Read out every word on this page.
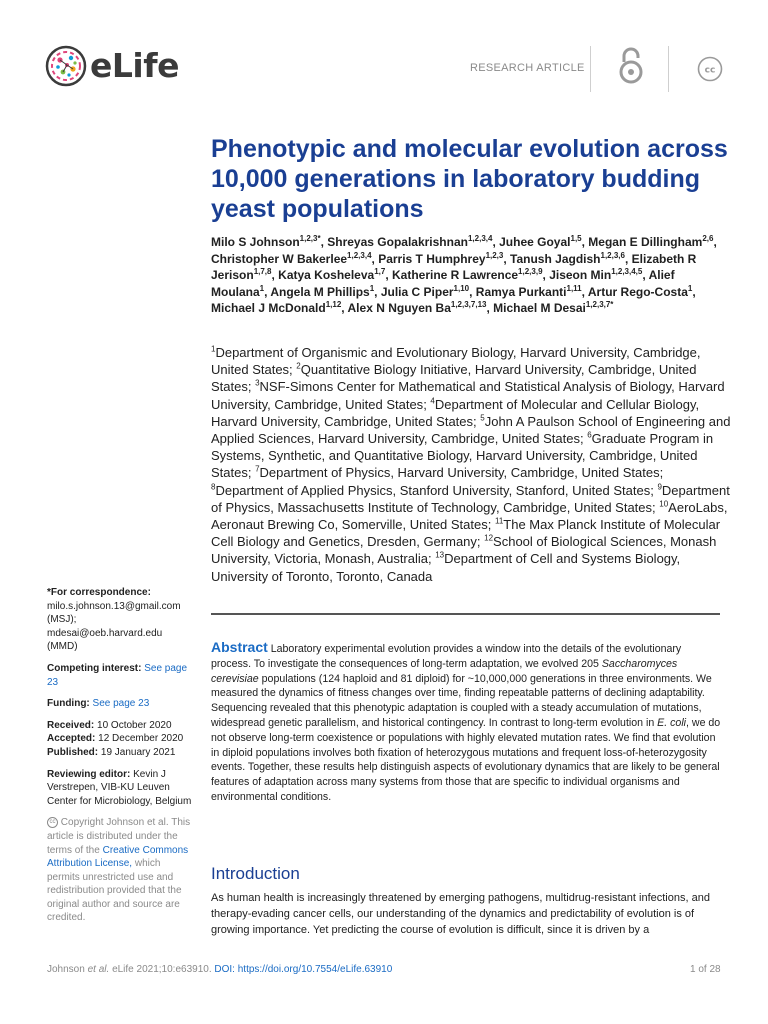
eLife	RESEARCH ARTICLE	cc
Phenotypic and molecular evolution across 10,000 generations in laboratory budding yeast populations
Milo S Johnson$^{1,2,3*}$, Shreyas Gopalakrishnan$^{1,2,3,4}$, Juhee Goyal$^{1,5}$, Megan E Dillingham$^{2,6}$, Christopher W Bakerlee$^{1,2,3,4}$, Parris T Humphrey$^{1,2,3}$, Tanush Jagdish$^{1,2,3,6}$, Elizabeth R Jerison$^{1,7,8}$, Katya Kosheleva$^{1,7}$, Katherine R Lawrence$^{1,2,3,9}$, Jiseon Min$^{1,2,3,4,5}$, Alief Moulana$^1$, Angela M Phillips$^1$, Julia C Piper$^{1,10}$, Ramya Purkanti$^{1,11}$, Artur Rego-Costa$^1$, Michael J McDonald$^{1,12}$, Alex N Nguyen Ba$^{1,2,3,7,13}$, Michael M Desai$^{1,2,3,7*}$
$^1$Department of Organismic and Evolutionary Biology, Harvard University, Cambridge, United States; $^2$Quantitative Biology Initiative, Harvard University, Cambridge, United States; $^3$NSF-Simons Center for Mathematical and Statistical Analysis of Biology, Harvard University, Cambridge, United States; $^4$Department of Molecular and Cellular Biology, Harvard University, Cambridge, United States; $^5$John A Paulson School of Engineering and Applied Sciences, Harvard University, Cambridge, United States; $^6$Graduate Program in Systems, Synthetic, and Quantitative Biology, Harvard University, Cambridge, United States; $^7$Department of Physics, Harvard University, Cambridge, United States; $^8$Department of Applied Physics, Stanford University, Stanford, United States; $^9$Department of Physics, Massachusetts Institute of Technology, Cambridge, United States; $^{10}$AeroLabs, Aeronaut Brewing Co, Somerville, United States; $^{11}$The Max Planck Institute of Molecular Cell Biology and Genetics, Dresden, Germany; $^{12}$School of Biological Sciences, Monash University, Victoria, Monash, Australia; $^{13}$Department of Cell and Systems Biology, University of Toronto, Toronto, Canada
*For correspondence:
milo.s.johnson.13@gmail.com
(MSJ);
mdesai@oeb.harvard.edu (MMD)
Competing interest: See page 23
Funding: See page 23
Received: 10 October 2020
Accepted: 12 December 2020
Published: 19 January 2021
Reviewing editor: Kevin J Verstrepen, VIB-KU Leuven Center for Microbiology, Belgium
cc Copyright Johnson et al. This article is distributed under the terms of the Creative Commons Attribution License, which permits unrestricted use and redistribution provided that the original author and source are credited.
Abstract Laboratory experimental evolution provides a window into the details of the evolutionary process. To investigate the consequences of long-term adaptation, we evolved 205 Saccharomyces cerevisiae populations (124 haploid and 81 diploid) for ~10,000,000 generations in three environments. We measured the dynamics of fitness changes over time, finding repeatable patterns of declining adaptability. Sequencing revealed that this phenotypic adaptation is coupled with a steady accumulation of mutations, widespread genetic parallelism, and historical contingency. In contrast to long-term evolution in E. coli, we do not observe long-term coexistence or populations with highly elevated mutation rates. We find that evolution in diploid populations involves both fixation of heterozygous mutations and frequent loss-of-heterozygosity events. Together, these results help distinguish aspects of evolutionary dynamics that are likely to be general features of adaptation across many systems from those that are specific to individual organisms and environmental conditions.
Introduction
As human health is increasingly threatened by emerging pathogens, multidrug-resistant infections, and therapy-evading cancer cells, our understanding of the dynamics and predictability of evolution is of growing importance. Yet predicting the course of evolution is difficult, since it is driven by a
Johnson et al. eLife 2021;10:e63910. DOI: https://doi.org/10.7554/eLife.63910	1 of 28
